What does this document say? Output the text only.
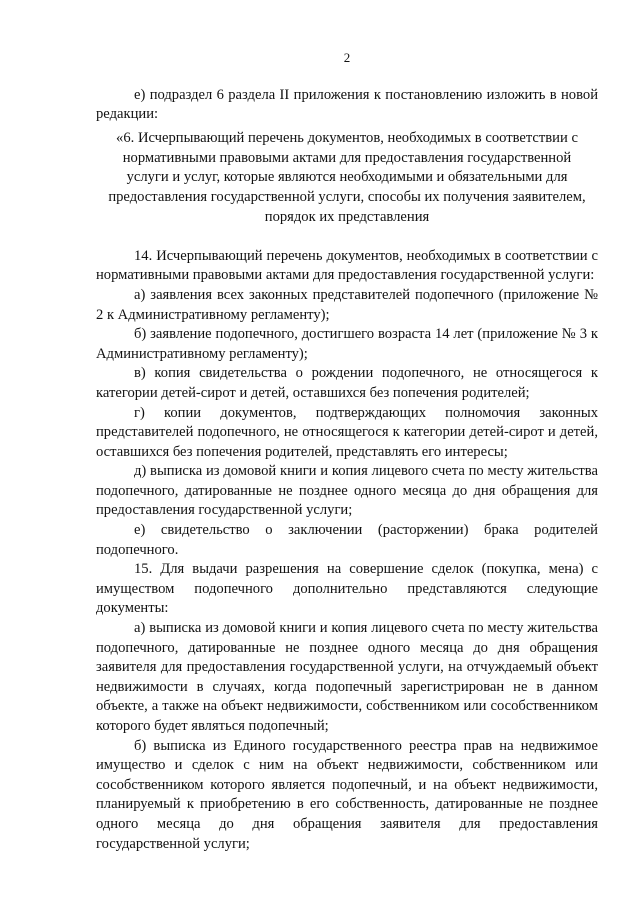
2

е) подраздел 6 раздела II приложения к постановлению изложить в новой редакции:

«6. Исчерпывающий перечень документов, необходимых в соответствии с нормативными правовыми актами для предоставления государственной услуги и услуг, которые являются необходимыми и обязательными для предоставления государственной услуги, способы их получения заявителем, порядок их представления

14. Исчерпывающий перечень документов, необходимых в соответствии с нормативными правовыми актами для предоставления государственной услуги:

а) заявления всех законных представителей подопечного (приложение № 2 к Административному регламенту);

б) заявление подопечного, достигшего возраста 14 лет (приложение № 3 к Административному регламенту);

в) копия свидетельства о рождении подопечного, не относящегося к категории детей-сирот и детей, оставшихся без попечения родителей;

г) копии документов, подтверждающих полномочия законных представителей подопечного, не относящегося к категории детей-сирот и детей, оставшихся без попечения родителей, представлять его интересы;

д) выписка из домовой книги и копия лицевого счета по месту жительства подопечного, датированные не позднее одного месяца до дня обращения для предоставления государственной услуги;

е) свидетельство о заключении (расторжении) брака родителей подопечного.

15. Для выдачи разрешения на совершение сделок (покупка, мена) с имуществом подопечного дополнительно представляются следующие документы:

а) выписка из домовой книги и копия лицевого счета по месту жительства подопечного, датированные не позднее одного месяца до дня обращения заявителя для предоставления государственной услуги, на отчуждаемый объект недвижимости в случаях, когда подопечный зарегистрирован не в данном объекте, а также на объект недвижимости, собственником или сособственником которого будет являться подопечный;

б) выписка из Единого государственного реестра прав на недвижимое имущество и сделок с ним на объект недвижимости, собственником или сособственником которого является подопечный, и на объект недвижимости, планируемый к приобретению в его собственность, датированные не позднее одного месяца до дня обращения заявителя для предоставления государственной услуги;
